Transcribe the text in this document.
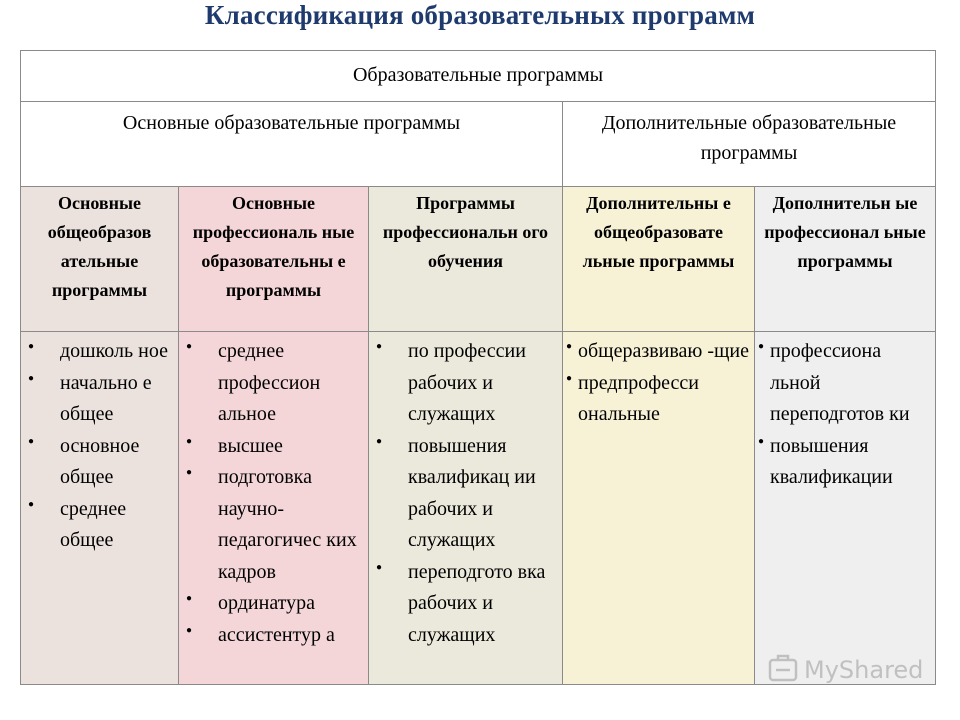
Классификация образовательных программ
Образовательные программы
Основные образовательные программы	Дополнительные образовательные программы
Основные общеобразов ательные программы
Основные профессиональ ные образовательны е программы
Программы профессиональн ого обучения
Дополнительны е общеобразовате льные программы
Дополнительн ые профессионал ьные программы
● дошколь ное
● начально е общее
● основное общее
● среднее общее
● среднее профессион альное
● высшее
● подготовка научно- педагогичес ких кадров
● ординатура
● ассистентур а
● по профессии рабочих и служащих
● повышения квалификац ии рабочих и служащих
● переподгото вка рабочих и служащих
● общеразвиваю -щие
● предпрофесси ональные
● профессиона льной переподготов ки
● повышения квалификации
MyShared
